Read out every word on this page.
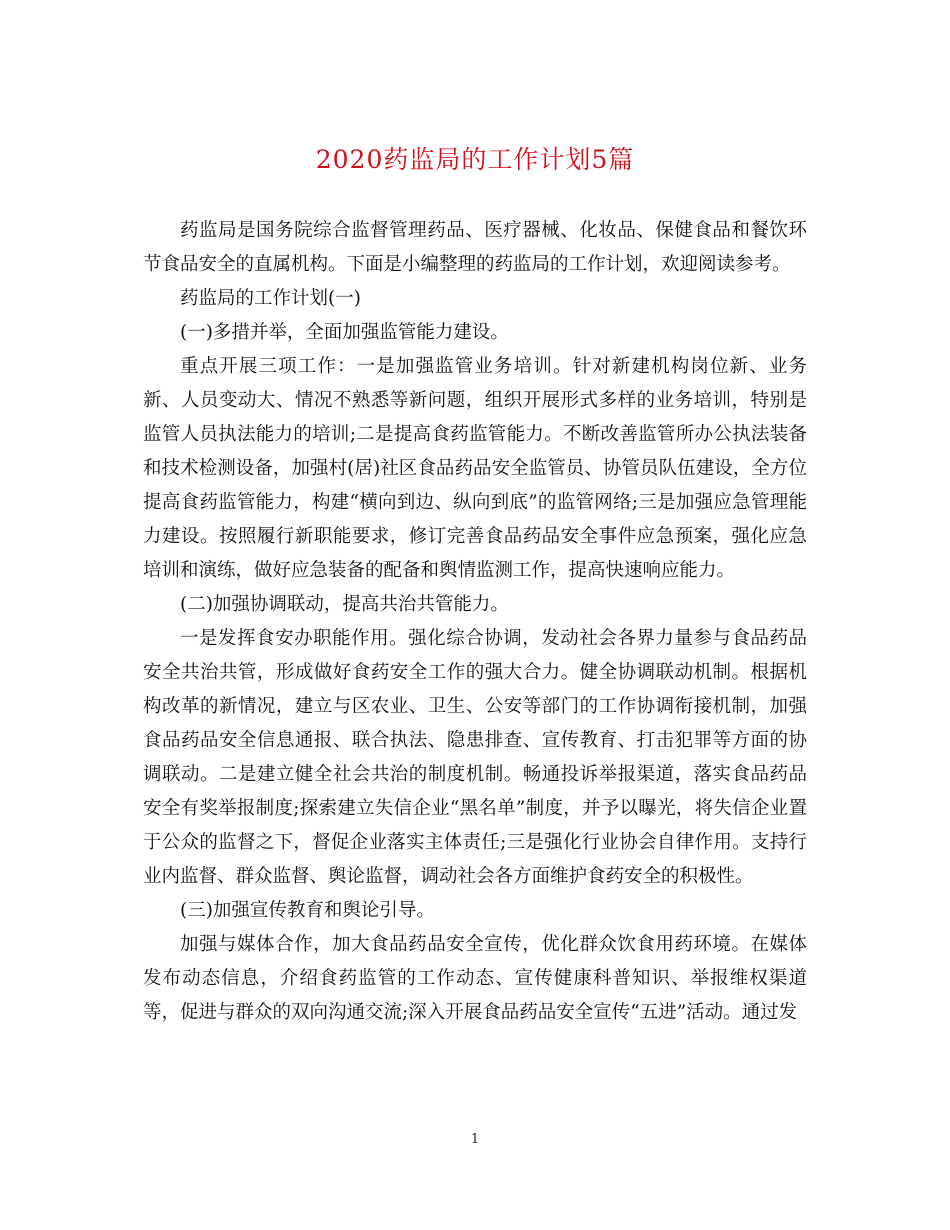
2020药监局的工作计划5篇

药监局是国务院综合监督管理药品、医疗器械、化妆品、保健食品和餐饮环节食品安全的直属机构。下面是小编整理的药监局的工作计划，欢迎阅读参考。

药监局的工作计划(一)

(一)多措并举，全面加强监管能力建设。

重点开展三项工作：一是加强监管业务培训。针对新建机构岗位新、业务新、人员变动大、情况不熟悉等新问题，组织开展形式多样的业务培训，特别是监管人员执法能力的培训;二是提高食药监管能力。不断改善监管所办公执法装备和技术检测设备，加强村(居)社区食品药品安全监管员、协管员队伍建设，全方位提高食药监管能力，构建“横向到边、纵向到底”的监管网络;三是加强应急管理能力建设。按照履行新职能要求，修订完善食品药品安全事件应急预案，强化应急培训和演练，做好应急装备的配备和舆情监测工作，提高快速响应能力。

(二)加强协调联动，提高共治共管能力。

一是发挥食安办职能作用。强化综合协调，发动社会各界力量参与食品药品安全共治共管，形成做好食药安全工作的强大合力。健全协调联动机制。根据机构改革的新情况，建立与区农业、卫生、公安等部门的工作协调衔接机制，加强食品药品安全信息通报、联合执法、隐患排查、宣传教育、打击犯罪等方面的协调联动。二是建立健全社会共治的制度机制。畅通投诉举报渠道，落实食品药品安全有奖举报制度;探索建立失信企业“黑名单”制度，并予以曝光，将失信企业置于公众的监督之下，督促企业落实主体责任;三是强化行业协会自律作用。支持行业内监督、群众监督、舆论监督，调动社会各方面维护食药安全的积极性。

(三)加强宣传教育和舆论引导。

加强与媒体合作，加大食品药品安全宣传，优化群众饮食用药环境。在媒体发布动态信息，介绍食药监管的工作动态、宣传健康科普知识、举报维权渠道等，促进与群众的双向沟通交流;深入开展食品药品安全宣传“五进”活动。通过发

1
